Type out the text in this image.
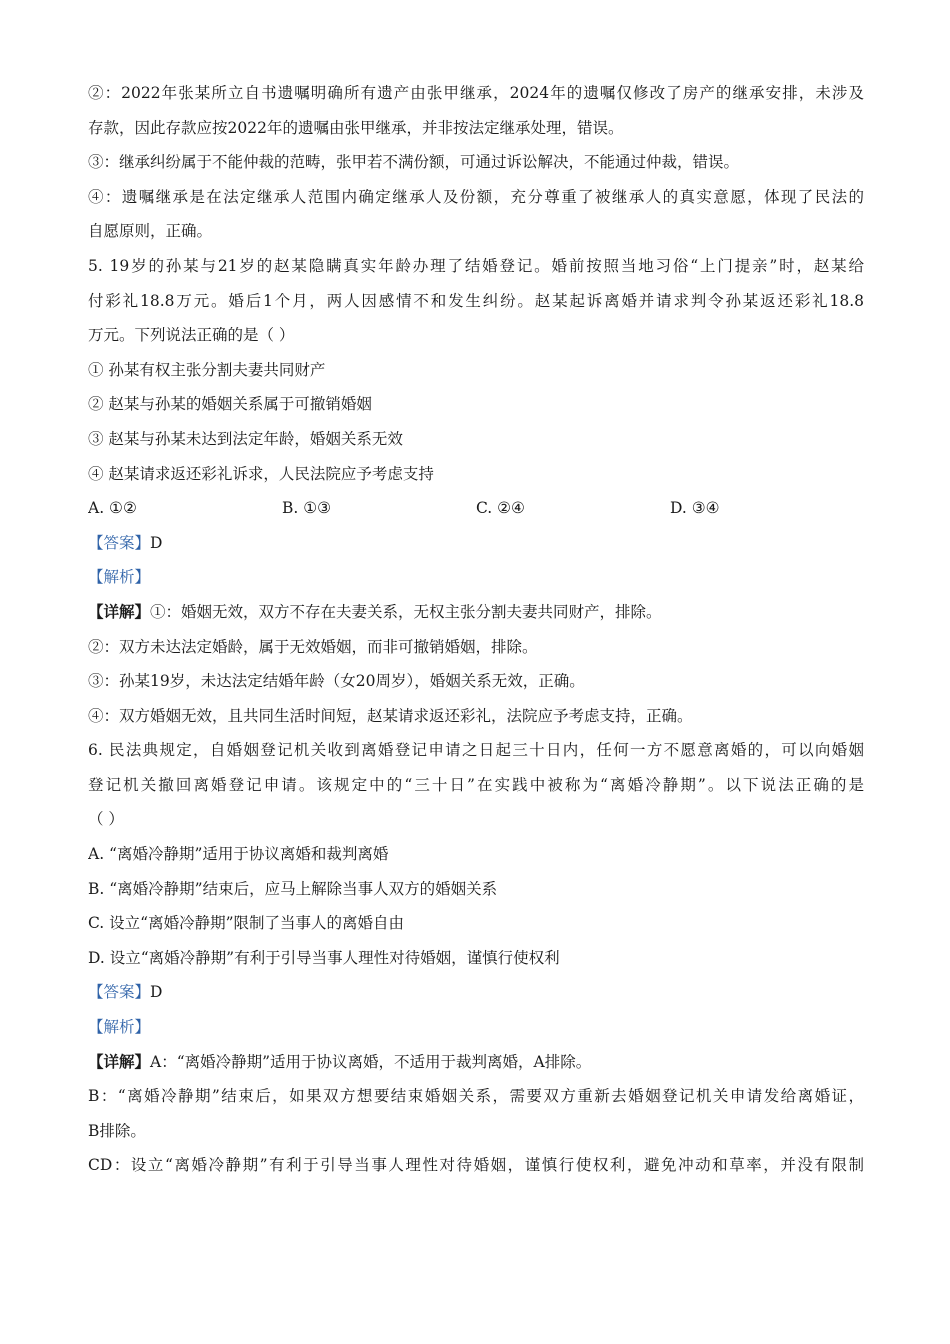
②：2022年张某所立自书遗嘱明确所有遗产由张甲继承，2024年的遗嘱仅修改了房产的继承安排，未涉及
存款，因此存款应按2022年的遗嘱由张甲继承，并非按法定继承处理，错误。
③：继承纠纷属于不能仲裁的范畴，张甲若不满份额，可通过诉讼解决，不能通过仲裁，错误。
④：遗嘱继承是在法定继承人范围内确定继承人及份额，充分尊重了被继承人的真实意愿，体现了民法的
自愿原则，正确。
5. 19岁的孙某与21岁的赵某隐瞒真实年龄办理了结婚登记。婚前按照当地习俗“上门提亲”时，赵某给
付彩礼18.8万元。婚后1个月，两人因感情不和发生纠纷。赵某起诉离婚并请求判令孙某返还彩礼18.8
万元。下列说法正确的是（ ）
① 孙某有权主张分割夫妻共同财产
② 赵某与孙某的婚姻关系属于可撤销婚姻
③ 赵某与孙某未达到法定年龄，婚姻关系无效
④ 赵某请求返还彩礼诉求，人民法院应予考虑支持
A. ①②	B. ①③	C. ②④	D. ③④
【答案】D
【解析】
【详解】①：婚姻无效，双方不存在夫妻关系，无权主张分割夫妻共同财产，排除。
②：双方未达法定婚龄，属于无效婚姻，而非可撤销婚姻，排除。
③：孙某19岁，未达法定结婚年龄（女20周岁），婚姻关系无效，正确。
④：双方婚姻无效，且共同生活时间短，赵某请求返还彩礼，法院应予考虑支持，正确。
6. 民法典规定，自婚姻登记机关收到离婚登记申请之日起三十日内，任何一方不愿意离婚的，可以向婚姻
登记机关撤回离婚登记申请。该规定中的“三十日”在实践中被称为“离婚冷静期”。以下说法正确的是
（ ）
A. “离婚冷静期”适用于协议离婚和裁判离婚
B. “离婚冷静期”结束后，应马上解除当事人双方的婚姻关系
C. 设立“离婚冷静期”限制了当事人的离婚自由
D. 设立“离婚冷静期”有利于引导当事人理性对待婚姻，谨慎行使权利
【答案】D
【解析】
【详解】A：“离婚冷静期”适用于协议离婚，不适用于裁判离婚，A排除。
B：“离婚冷静期”结束后，如果双方想要结束婚姻关系，需要双方重新去婚姻登记机关申请发给离婚证，
B排除。
CD：设立“离婚冷静期”有利于引导当事人理性对待婚姻，谨慎行使权利，避免冲动和草率，并没有限制
